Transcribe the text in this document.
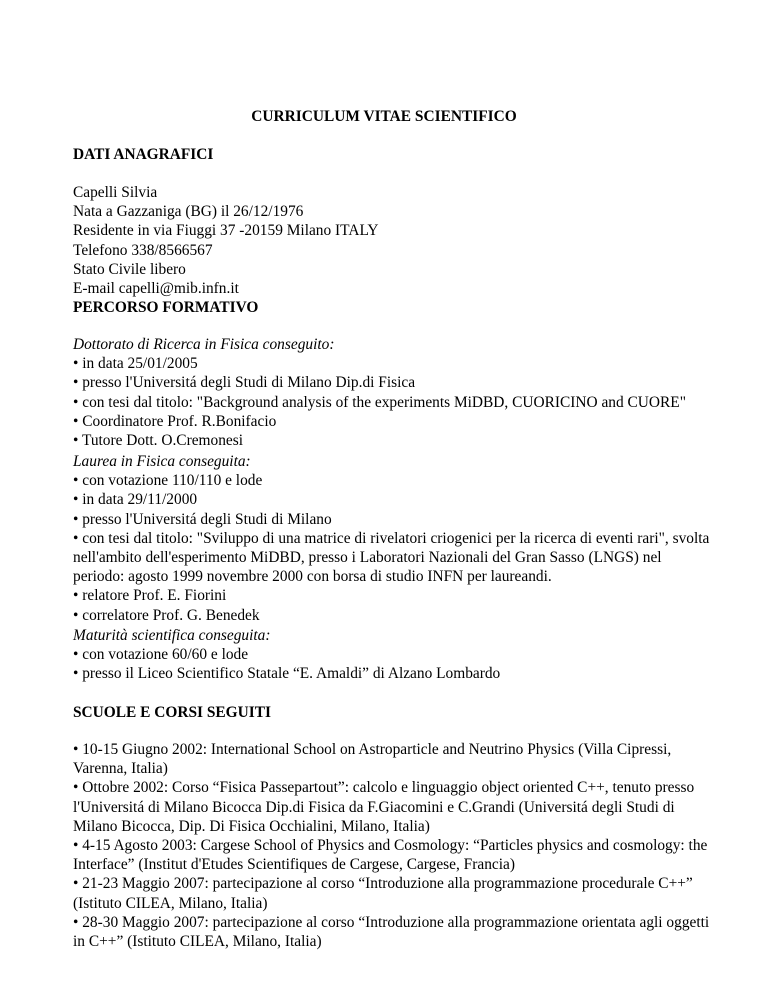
CURRICULUM VITAE SCIENTIFICO
DATI ANAGRAFICI
Capelli Silvia
Nata a Gazzaniga (BG) il 26/12/1976
Residente in via Fiuggi 37 -20159 Milano ITALY
Telefono 338/8566567
Stato Civile libero
E-mail capelli@mib.infn.it
PERCORSO FORMATIVO
Dottorato di Ricerca in Fisica conseguito:
• in data 25/01/2005
• presso l'Universitá degli Studi di Milano Dip.di Fisica
• con tesi dal titolo: "Background analysis of the experiments MiDBD, CUORICINO and CUORE"
• Coordinatore Prof. R.Bonifacio
• Tutore Dott. O.Cremonesi
Laurea in Fisica conseguita:
• con votazione 110/110 e lode
• in data 29/11/2000
• presso l'Universitá degli Studi di Milano
• con tesi dal titolo: "Sviluppo di una matrice di rivelatori criogenici per la ricerca di eventi rari", svolta nell'ambito dell'esperimento MiDBD, presso i Laboratori Nazionali del Gran Sasso (LNGS) nel periodo: agosto 1999 novembre 2000 con borsa di studio INFN per laureandi.
• relatore Prof. E. Fiorini
• correlatore Prof. G. Benedek
Maturità scientifica conseguita:
• con votazione 60/60 e lode
• presso il Liceo Scientifico Statale “E. Amaldi” di Alzano Lombardo
SCUOLE E CORSI SEGUITI
• 10-15 Giugno 2002: International School on Astroparticle and Neutrino Physics (Villa Cipressi, Varenna, Italia)
• Ottobre 2002: Corso “Fisica Passepartout”: calcolo e linguaggio object oriented C++, tenuto presso l'Universitá di Milano Bicocca Dip.di Fisica da F.Giacomini e C.Grandi (Universitá degli Studi di Milano Bicocca, Dip. Di Fisica Occhialini, Milano, Italia)
• 4-15 Agosto 2003: Cargese School of Physics and Cosmology: “Particles physics and cosmology: the Interface” (Institut d'Etudes Scientifiques de Cargese, Cargese, Francia)
• 21-23 Maggio 2007: partecipazione al corso “Introduzione alla programmazione procedurale C++” (Istituto CILEA, Milano, Italia)
• 28-30 Maggio 2007: partecipazione al corso “Introduzione alla programmazione orientata agli oggetti in C++” (Istituto CILEA, Milano, Italia)
